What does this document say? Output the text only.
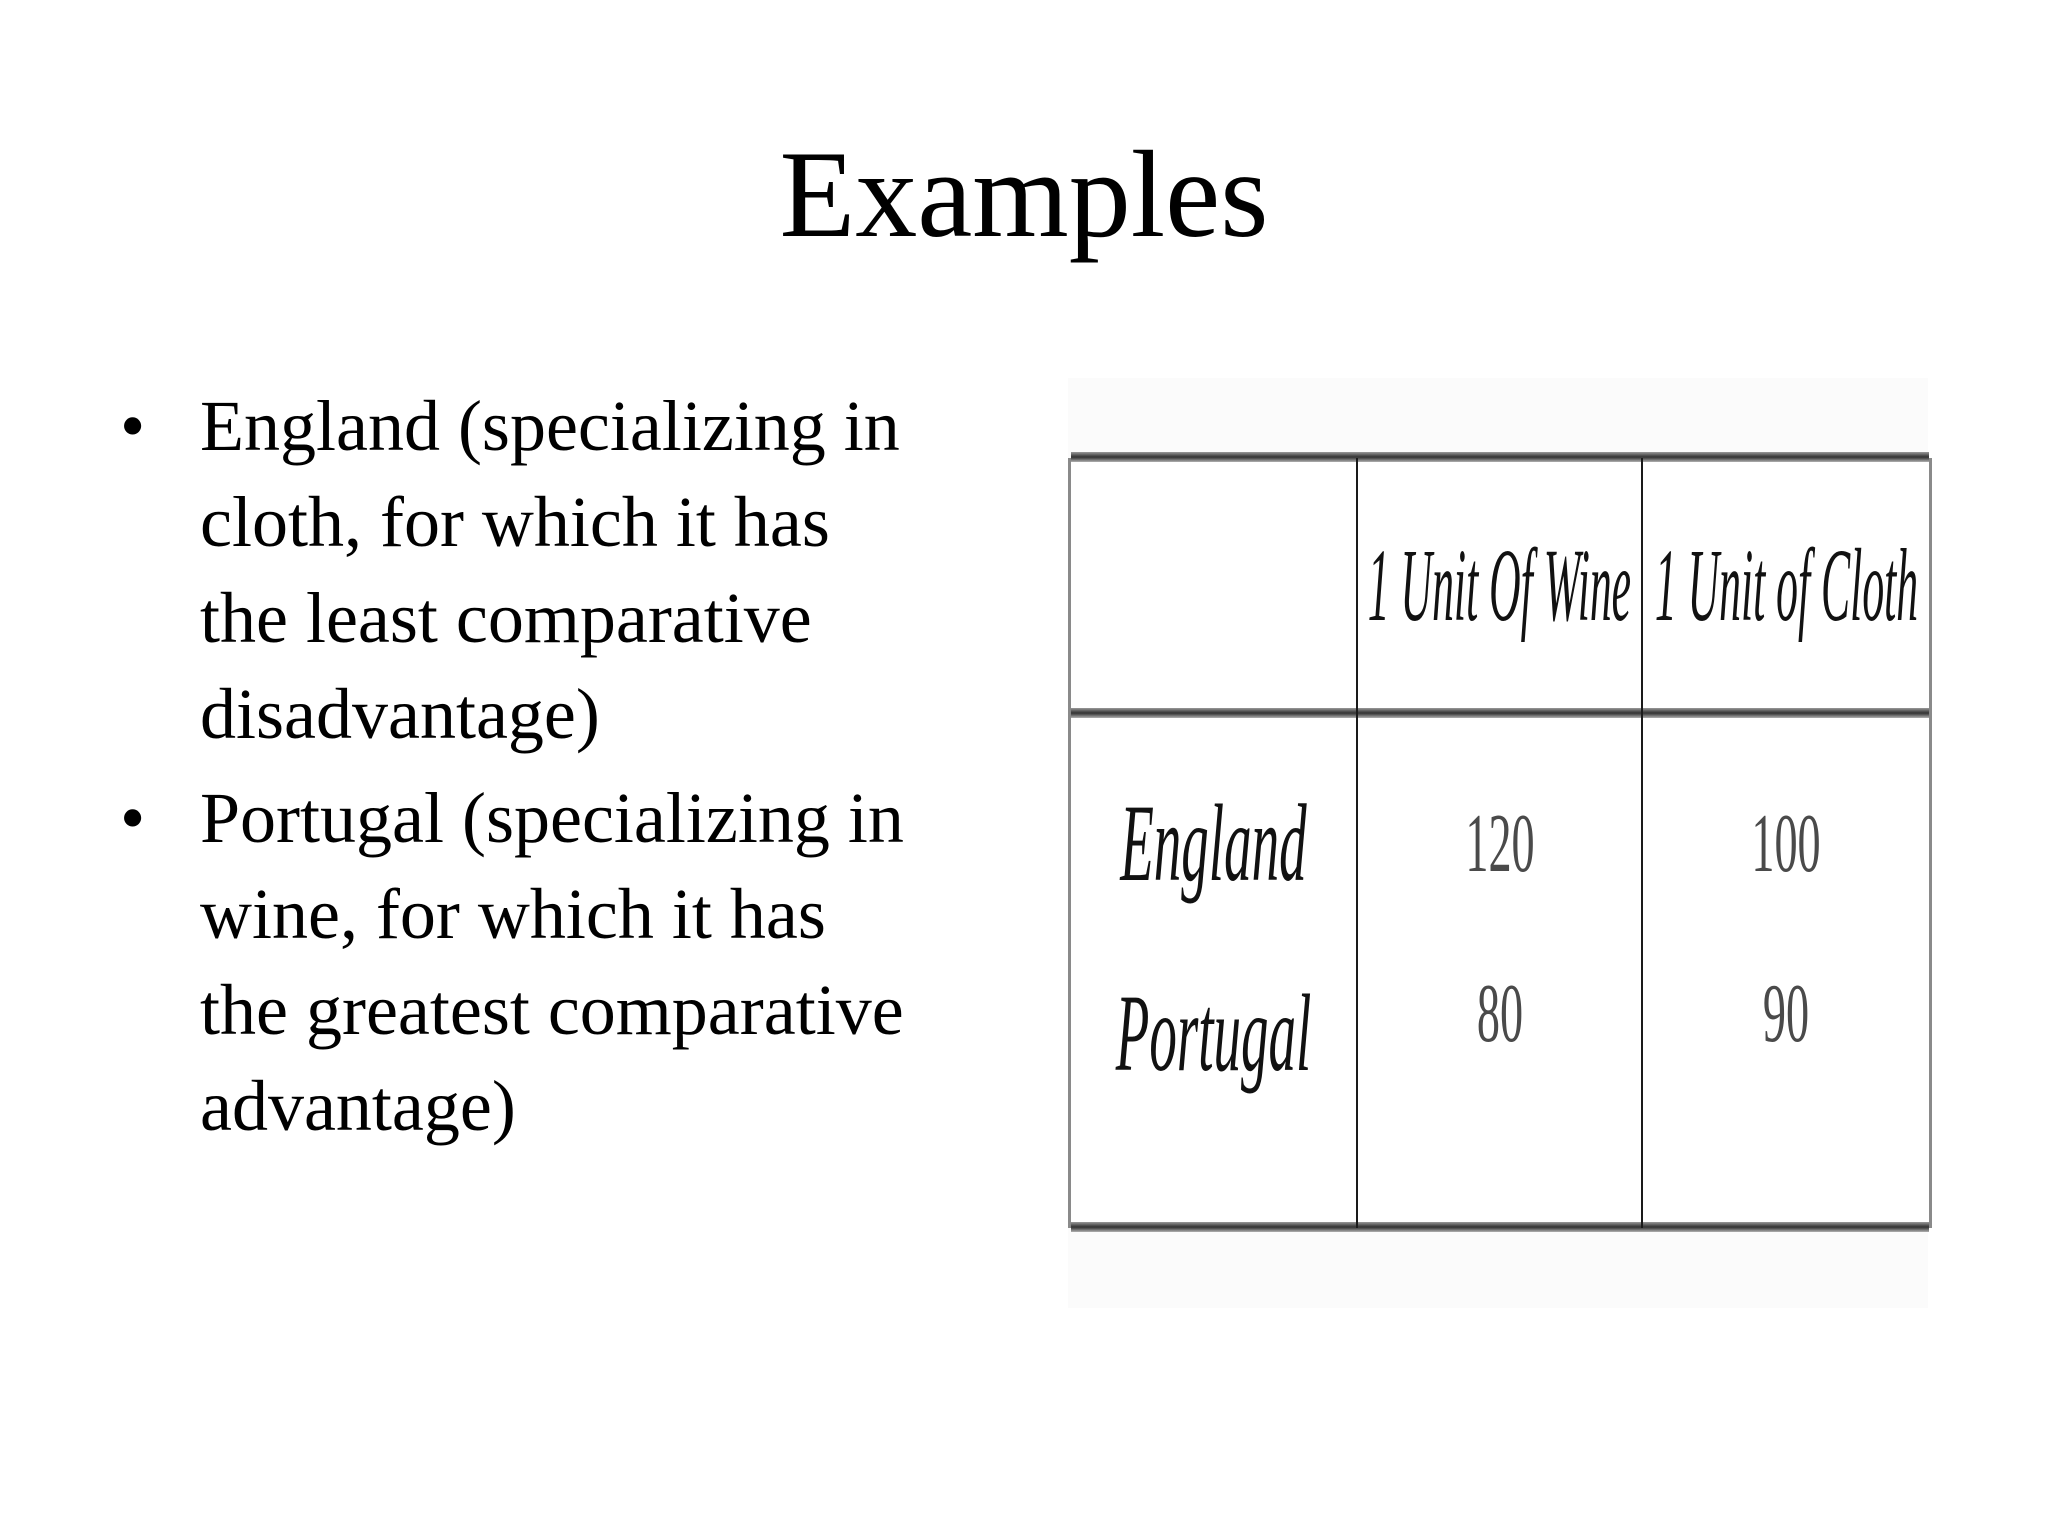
Examples
• England (specializing in
cloth, for which it has
the least comparative
disadvantage)
• Portugal (specializing in
wine, for which it has
the greatest comparative
advantage)
1 Unit Of Wine 1 Unit of Cloth
England 120	100
Portugal 80	90
